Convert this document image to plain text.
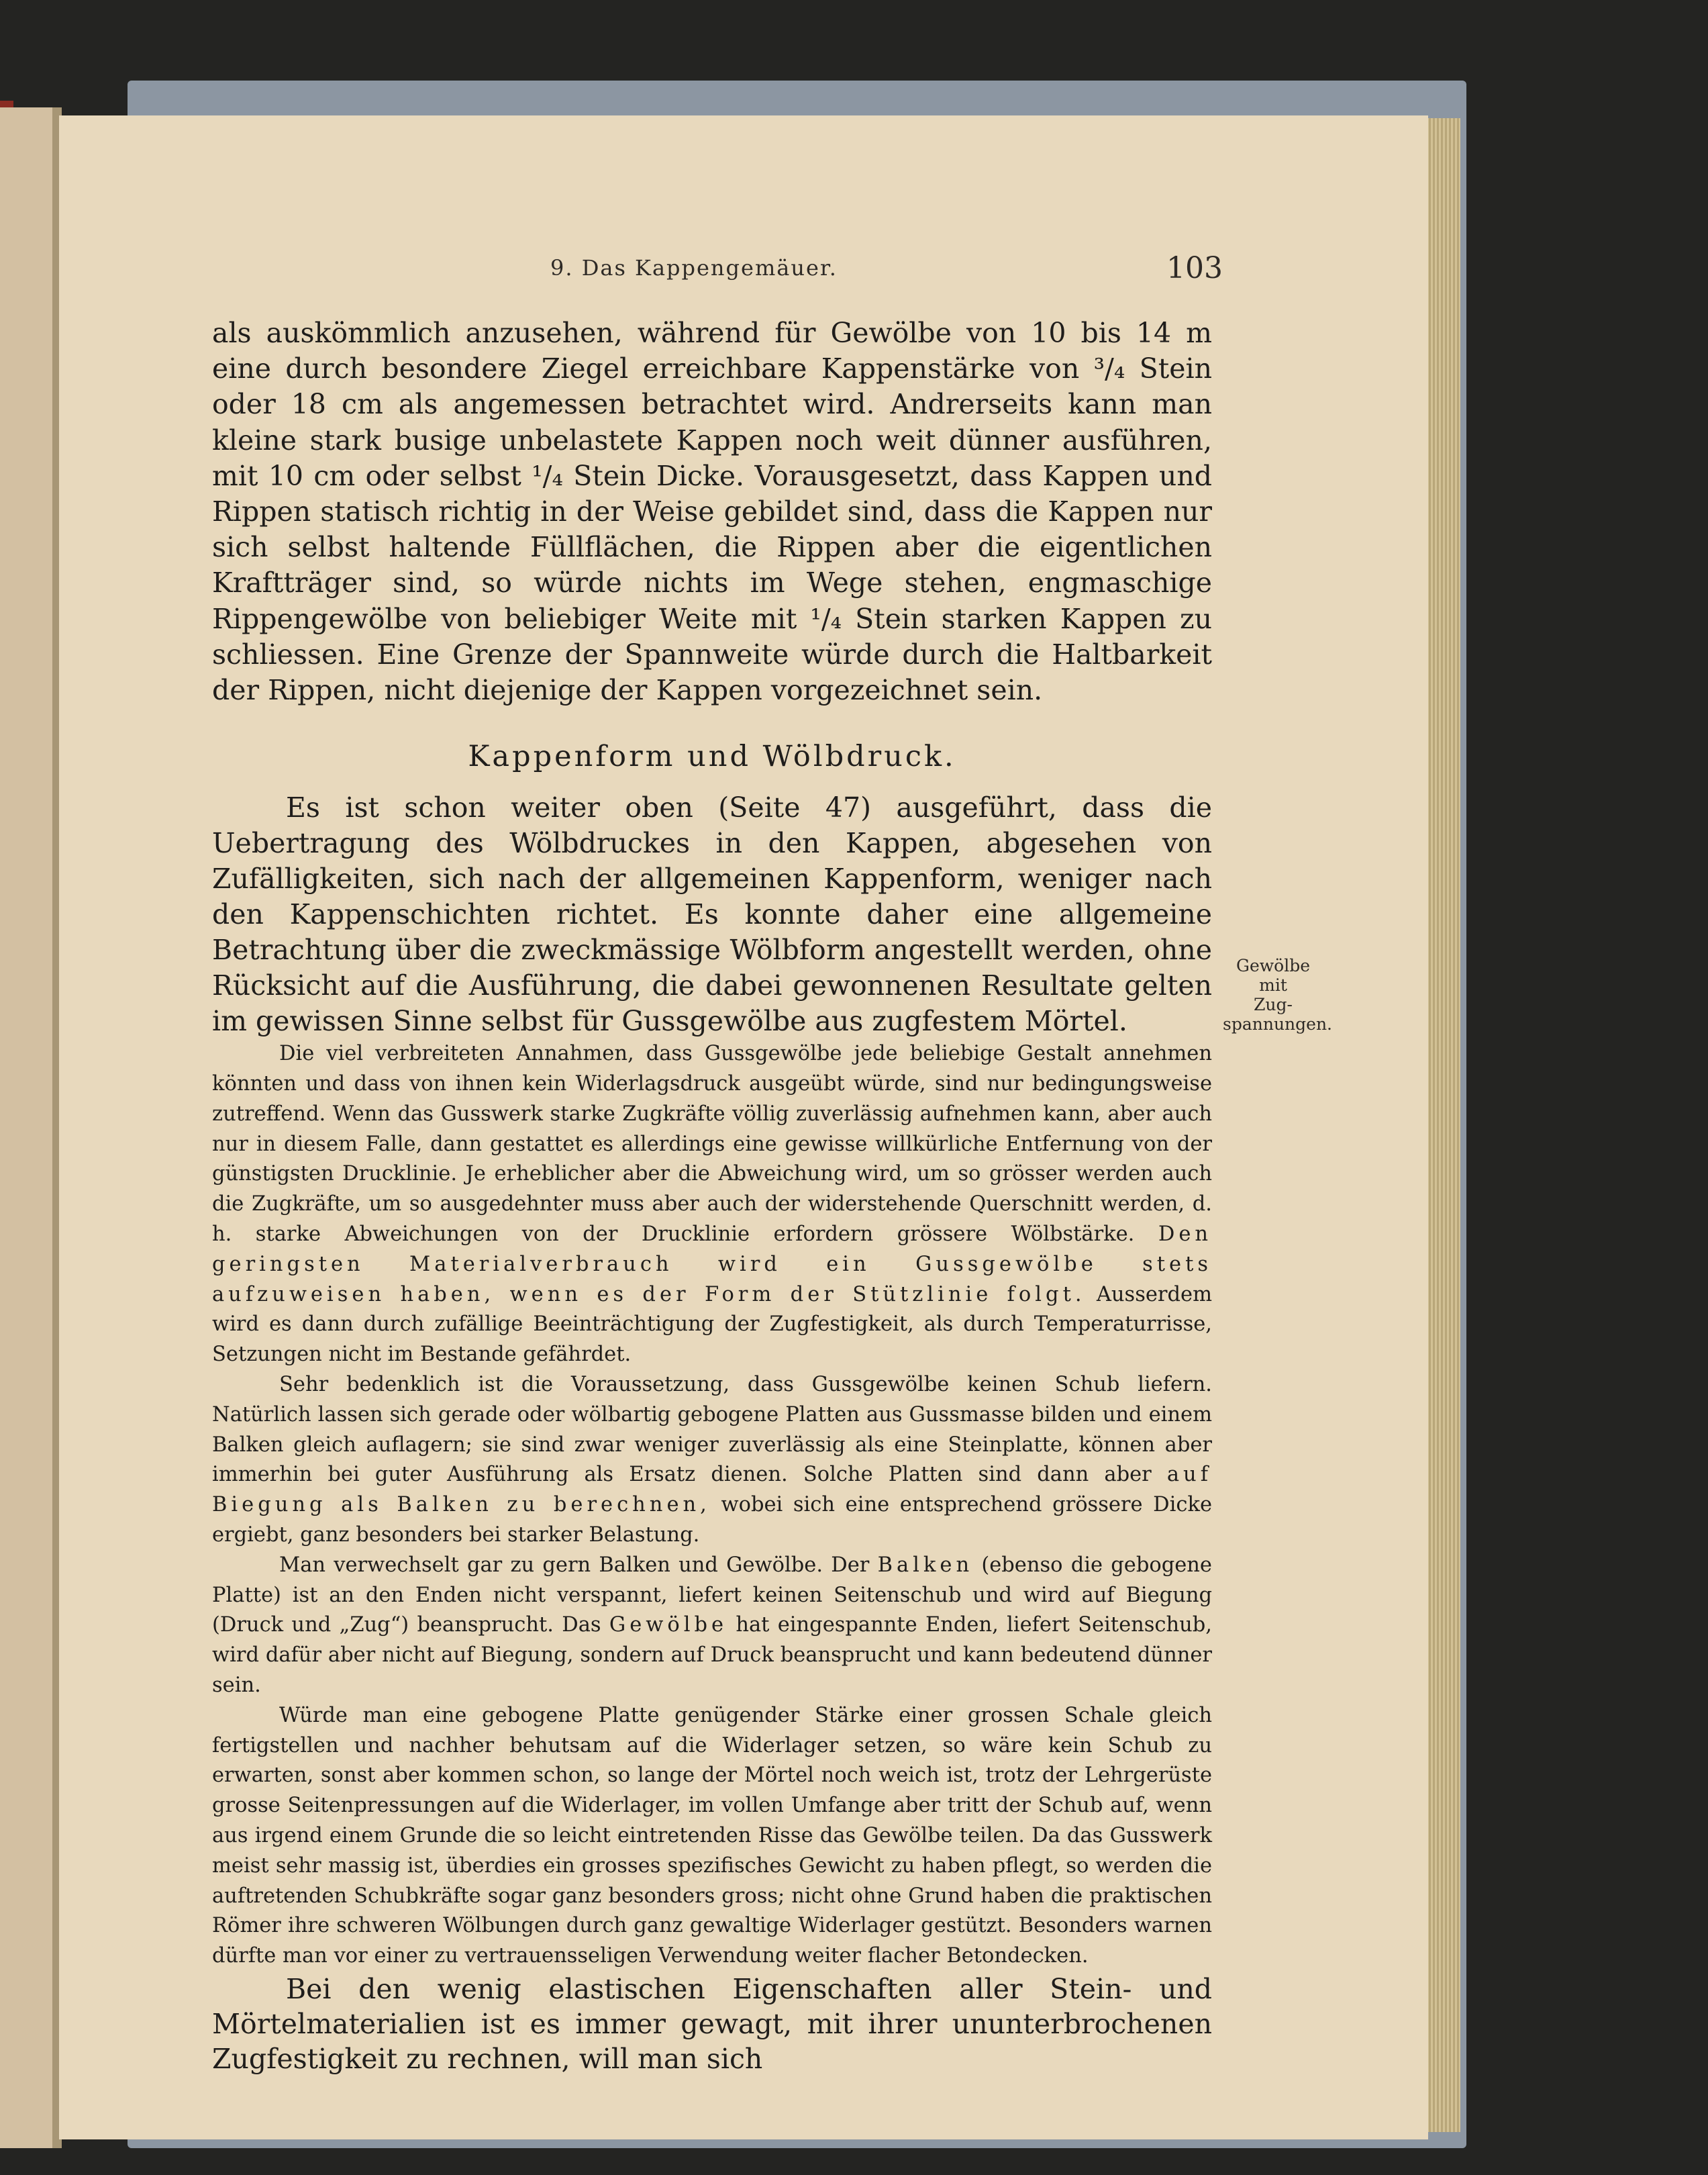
9. Das Kappengemäuer.	103

als auskömmlich anzusehen, während für Gewölbe von 10 bis 14 m eine durch besondere Ziegel erreichbare Kappenstärke von ³/₄ Stein oder 18 cm als angemessen betrachtet wird. Andrerseits kann man kleine stark busige unbelastete Kappen noch weit dünner ausführen, mit 10 cm oder selbst ¹/₄ Stein Dicke. Vorausgesetzt, dass Kappen und Rippen statisch richtig in der Weise gebildet sind, dass die Kappen nur sich selbst haltende Füllflächen, die Rippen aber die eigentlichen Kraftträger sind, so würde nichts im Wege stehen, engmaschige Rippengewölbe von beliebiger Weite mit ¹/₄ Stein starken Kappen zu schliessen. Eine Grenze der Spannweite würde durch die Haltbarkeit der Rippen, nicht diejenige der Kappen vorgezeichnet sein.

Kappenform und Wölbdruck.

Es ist schon weiter oben (Seite 47) ausgeführt, dass die Uebertragung des Wölbdruckes in den Kappen, abgesehen von Zufälligkeiten, sich nach der allgemeinen Kappenform, weniger nach den Kappenschichten richtet. Es konnte daher eine allgemeine Betrachtung über die zweckmässige Wölbform angestellt werden, ohne Rücksicht auf die Ausführung, die dabei gewonnenen Resultate gelten im gewissen Sinne selbst für Gussgewölbe aus zugfestem Mörtel.

Die viel verbreiteten Annahmen, dass Gussgewölbe jede beliebige Gestalt annehmen könnten und dass von ihnen kein Widerlagsdruck ausgeübt würde, sind nur bedingungsweise zutreffend. Wenn das Gusswerk starke Zugkräfte völlig zuverlässig aufnehmen kann, aber auch nur in diesem Falle, dann gestattet es allerdings eine gewisse willkürliche Entfernung von der günstigsten Drucklinie. Je erheblicher aber die Abweichung wird, um so grösser werden auch die Zugkräfte, um so ausgedehnter muss aber auch der widerstehende Querschnitt werden, d. h. starke Abweichungen von der Drucklinie erfordern grössere Wölbstärke. Den geringsten Materialverbrauch wird ein Gussgewölbe stets aufzuweisen haben, wenn es der Form der Stützlinie folgt. Ausserdem wird es dann durch zufällige Beeinträchtigung der Zugfestigkeit, als durch Temperaturrisse, Setzungen nicht im Bestande gefährdet.

Sehr bedenklich ist die Voraussetzung, dass Gussgewölbe keinen Schub liefern. Natürlich lassen sich gerade oder wölbartig gebogene Platten aus Gussmasse bilden und einem Balken gleich auflagern; sie sind zwar weniger zuverlässig als eine Steinplatte, können aber immerhin bei guter Ausführung als Ersatz dienen. Solche Platten sind dann aber auf Biegung als Balken zu berechnen, wobei sich eine entsprechend grössere Dicke ergiebt, ganz besonders bei starker Belastung.

Man verwechselt gar zu gern Balken und Gewölbe. Der Balken (ebenso die gebogene Platte) ist an den Enden nicht verspannt, liefert keinen Seitenschub und wird auf Biegung (Druck und „Zug“) beansprucht. Das Gewölbe hat eingespannte Enden, liefert Seitenschub, wird dafür aber nicht auf Biegung, sondern auf Druck beansprucht und kann bedeutend dünner sein.

Würde man eine gebogene Platte genügender Stärke einer grossen Schale gleich fertigstellen und nachher behutsam auf die Widerlager setzen, so wäre kein Schub zu erwarten, sonst aber kommen schon, so lange der Mörtel noch weich ist, trotz der Lehrgerüste grosse Seitenpressungen auf die Widerlager, im vollen Umfange aber tritt der Schub auf, wenn aus irgend einem Grunde die so leicht eintretenden Risse das Gewölbe teilen. Da das Gusswerk meist sehr massig ist, überdies ein grosses spezifisches Gewicht zu haben pflegt, so werden die auftretenden Schubkräfte sogar ganz besonders gross; nicht ohne Grund haben die praktischen Römer ihre schweren Wölbungen durch ganz gewaltige Widerlager gestützt. Besonders warnen dürfte man vor einer zu vertrauensseligen Verwendung weiter flacher Betondecken.

Bei den wenig elastischen Eigenschaften aller Stein- und Mörtelmaterialien ist es immer gewagt, mit ihrer ununterbrochenen Zugfestigkeit zu rechnen, will man sich

Gewölbe mit
Zug-
spannungen.
